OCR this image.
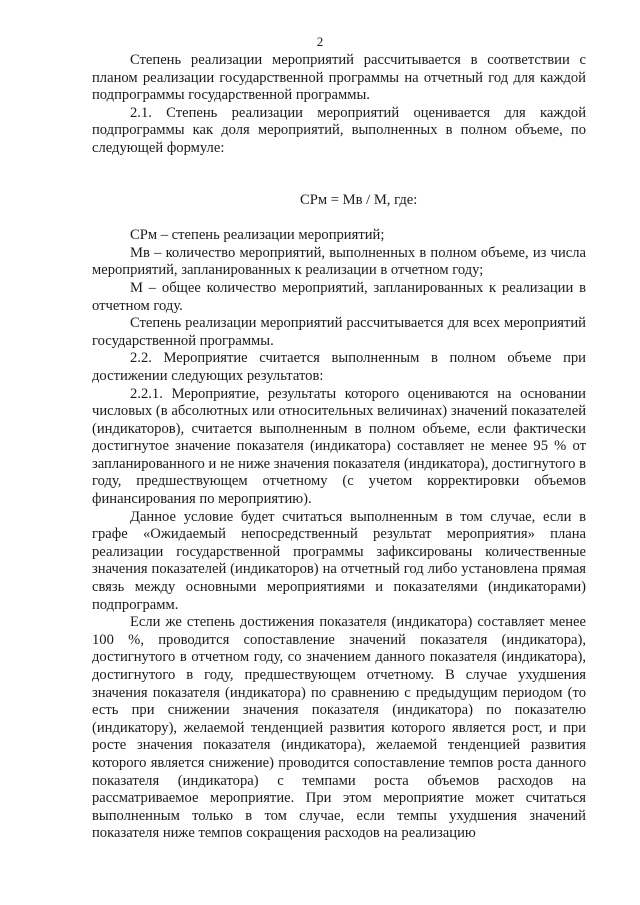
2

Степень реализации мероприятий рассчитывается в соответствии с планом реализации государственной программы на отчетный год для каждой подпрограммы государственной программы.

2.1. Степень реализации мероприятий оценивается для каждой подпрограммы как доля мероприятий, выполненных в полном объеме, по следующей формуле:

СРм = Мв / М, где:

СРм – степень реализации мероприятий;

Мв – количество мероприятий, выполненных в полном объеме, из числа мероприятий, запланированных к реализации в отчетном году;

М – общее количество мероприятий, запланированных к реализации в отчетном году.

Степень реализации мероприятий рассчитывается для всех мероприятий государственной программы.

2.2. Мероприятие считается выполненным в полном объеме при достижении следующих результатов:

2.2.1. Мероприятие, результаты которого оцениваются на основании числовых (в абсолютных или относительных величинах) значений показателей (индикаторов), считается выполненным в полном объеме, если фактически достигнутое значение показателя (индикатора) составляет не менее 95 % от запланированного и не ниже значения показателя (индикатора), достигнутого в году, предшествующем отчетному (с учетом корректировки объемов финансирования по мероприятию).

Данное условие будет считаться выполненным в том случае, если в графе «Ожидаемый непосредственный результат мероприятия» плана реализации государственной программы зафиксированы количественные значения показателей (индикаторов) на отчетный год либо установлена прямая связь между основными мероприятиями и показателями (индикаторами) подпрограмм.

Если же степень достижения показателя (индикатора) составляет менее 100 %, проводится сопоставление значений показателя (индикатора), достигнутого в отчетном году, со значением данного показателя (индикатора), достигнутого в году, предшествующем отчетному. В случае ухудшения значения показателя (индикатора) по сравнению с предыдущим периодом (то есть при снижении значения показателя (индикатора) по показателю (индикатору), желаемой тенденцией развития которого является рост, и при росте значения показателя (индикатора), желаемой тенденцией развития которого является снижение) проводится сопоставление темпов роста данного показателя (индикатора) с темпами роста объемов расходов на рассматриваемое мероприятие. При этом мероприятие может считаться выполненным только в том случае, если темпы ухудшения значений показателя ниже темпов сокращения расходов на реализацию
